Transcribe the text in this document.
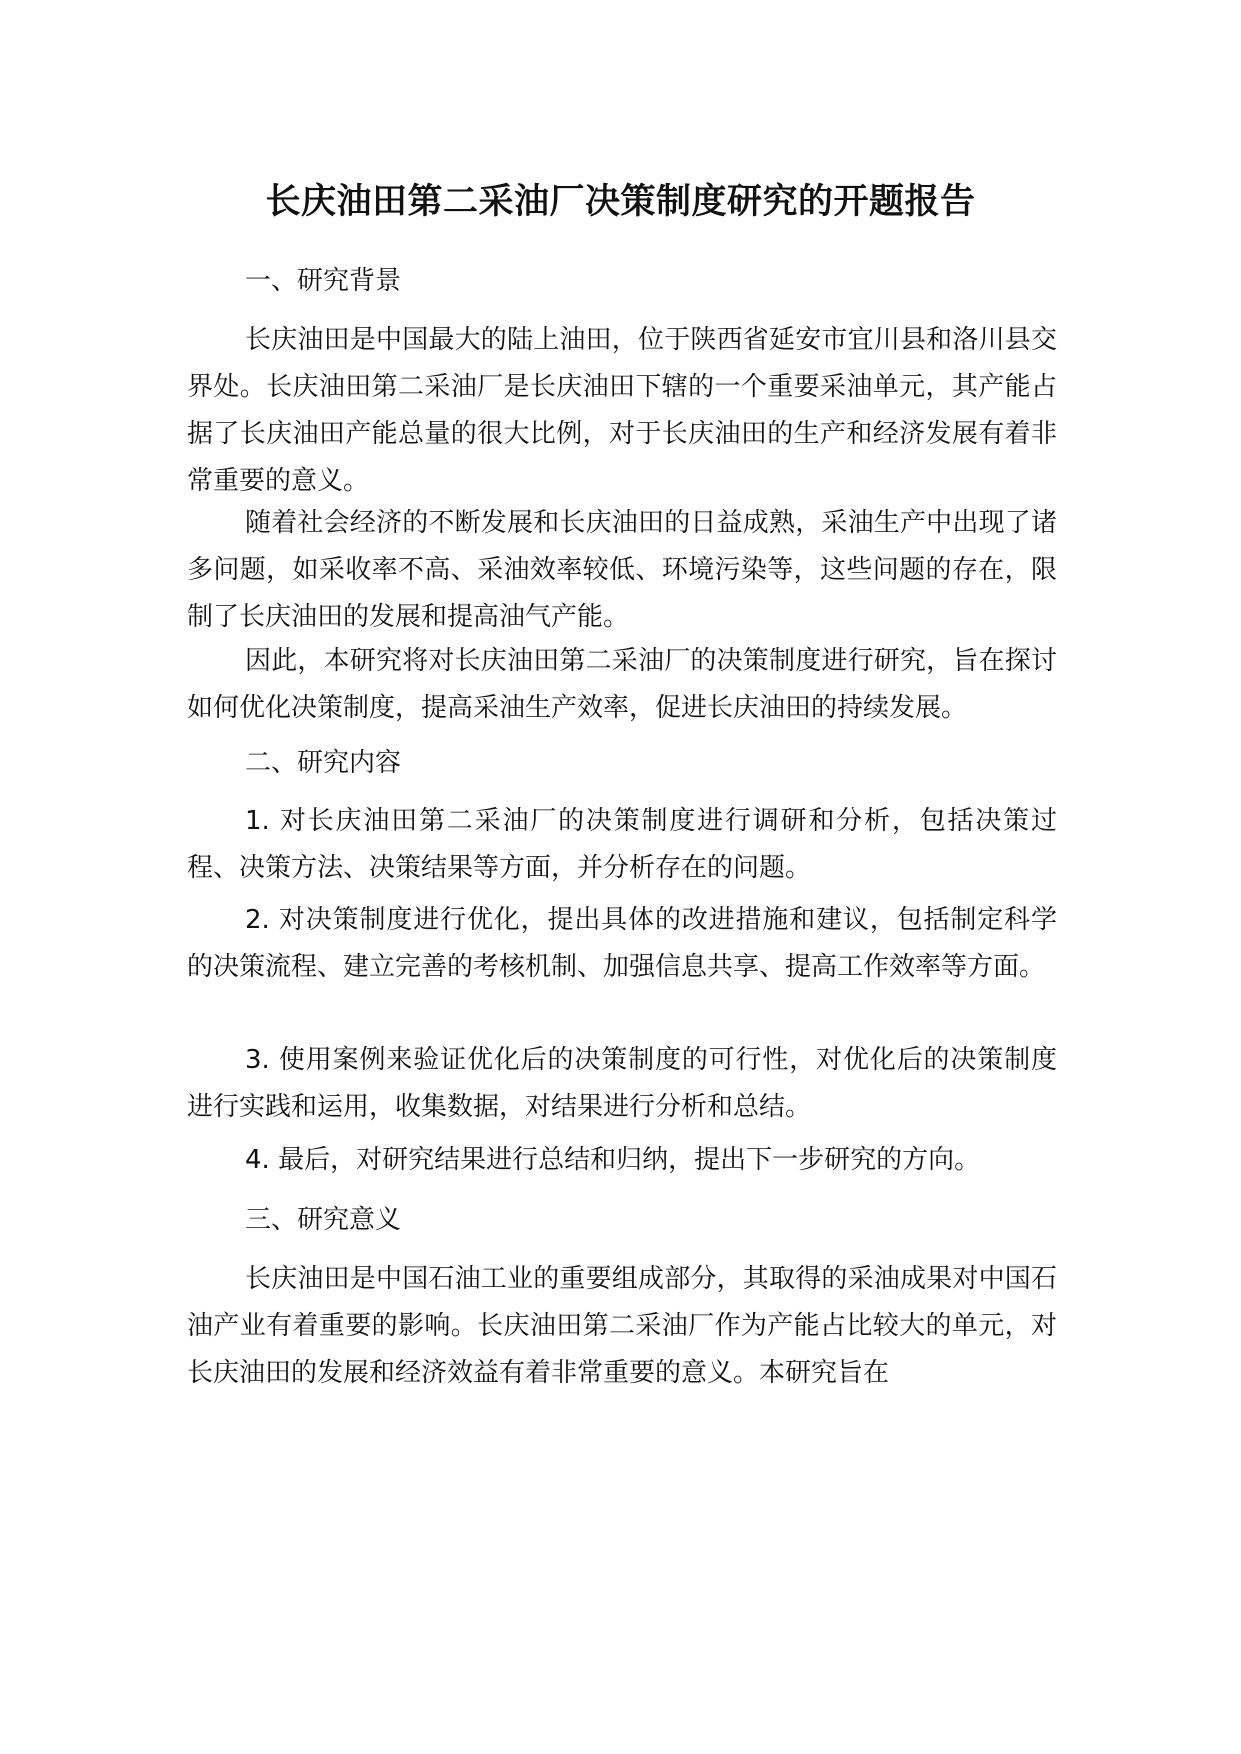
长庆油田第二采油厂决策制度研究的开题报告

一、研究背景

长庆油田是中国最大的陆上油田，位于陕西省延安市宜川县和洛川县交界处。长庆油田第二采油厂是长庆油田下辖的一个重要采油单元，其产能占据了长庆油田产能总量的很大比例，对于长庆油田的生产和经济发展有着非常重要的意义。

随着社会经济的不断发展和长庆油田的日益成熟，采油生产中出现了诸多问题，如采收率不高、采油效率较低、环境污染等，这些问题的存在，限制了长庆油田的发展和提高油气产能。

因此，本研究将对长庆油田第二采油厂的决策制度进行研究，旨在探讨如何优化决策制度，提高采油生产效率，促进长庆油田的持续发展。

二、研究内容

1. 对长庆油田第二采油厂的决策制度进行调研和分析，包括决策过程、决策方法、决策结果等方面，并分析存在的问题。

2. 对决策制度进行优化，提出具体的改进措施和建议，包括制定科学的决策流程、建立完善的考核机制、加强信息共享、提高工作效率等方面。

3. 使用案例来验证优化后的决策制度的可行性，对优化后的决策制度进行实践和运用，收集数据，对结果进行分析和总结。

4. 最后，对研究结果进行总结和归纳，提出下一步研究的方向。

三、研究意义

长庆油田是中国石油工业的重要组成部分，其取得的采油成果对中国石油产业有着重要的影响。长庆油田第二采油厂作为产能占比较大的单元，对长庆油田的发展和经济效益有着非常重要的意义。本研究旨在
